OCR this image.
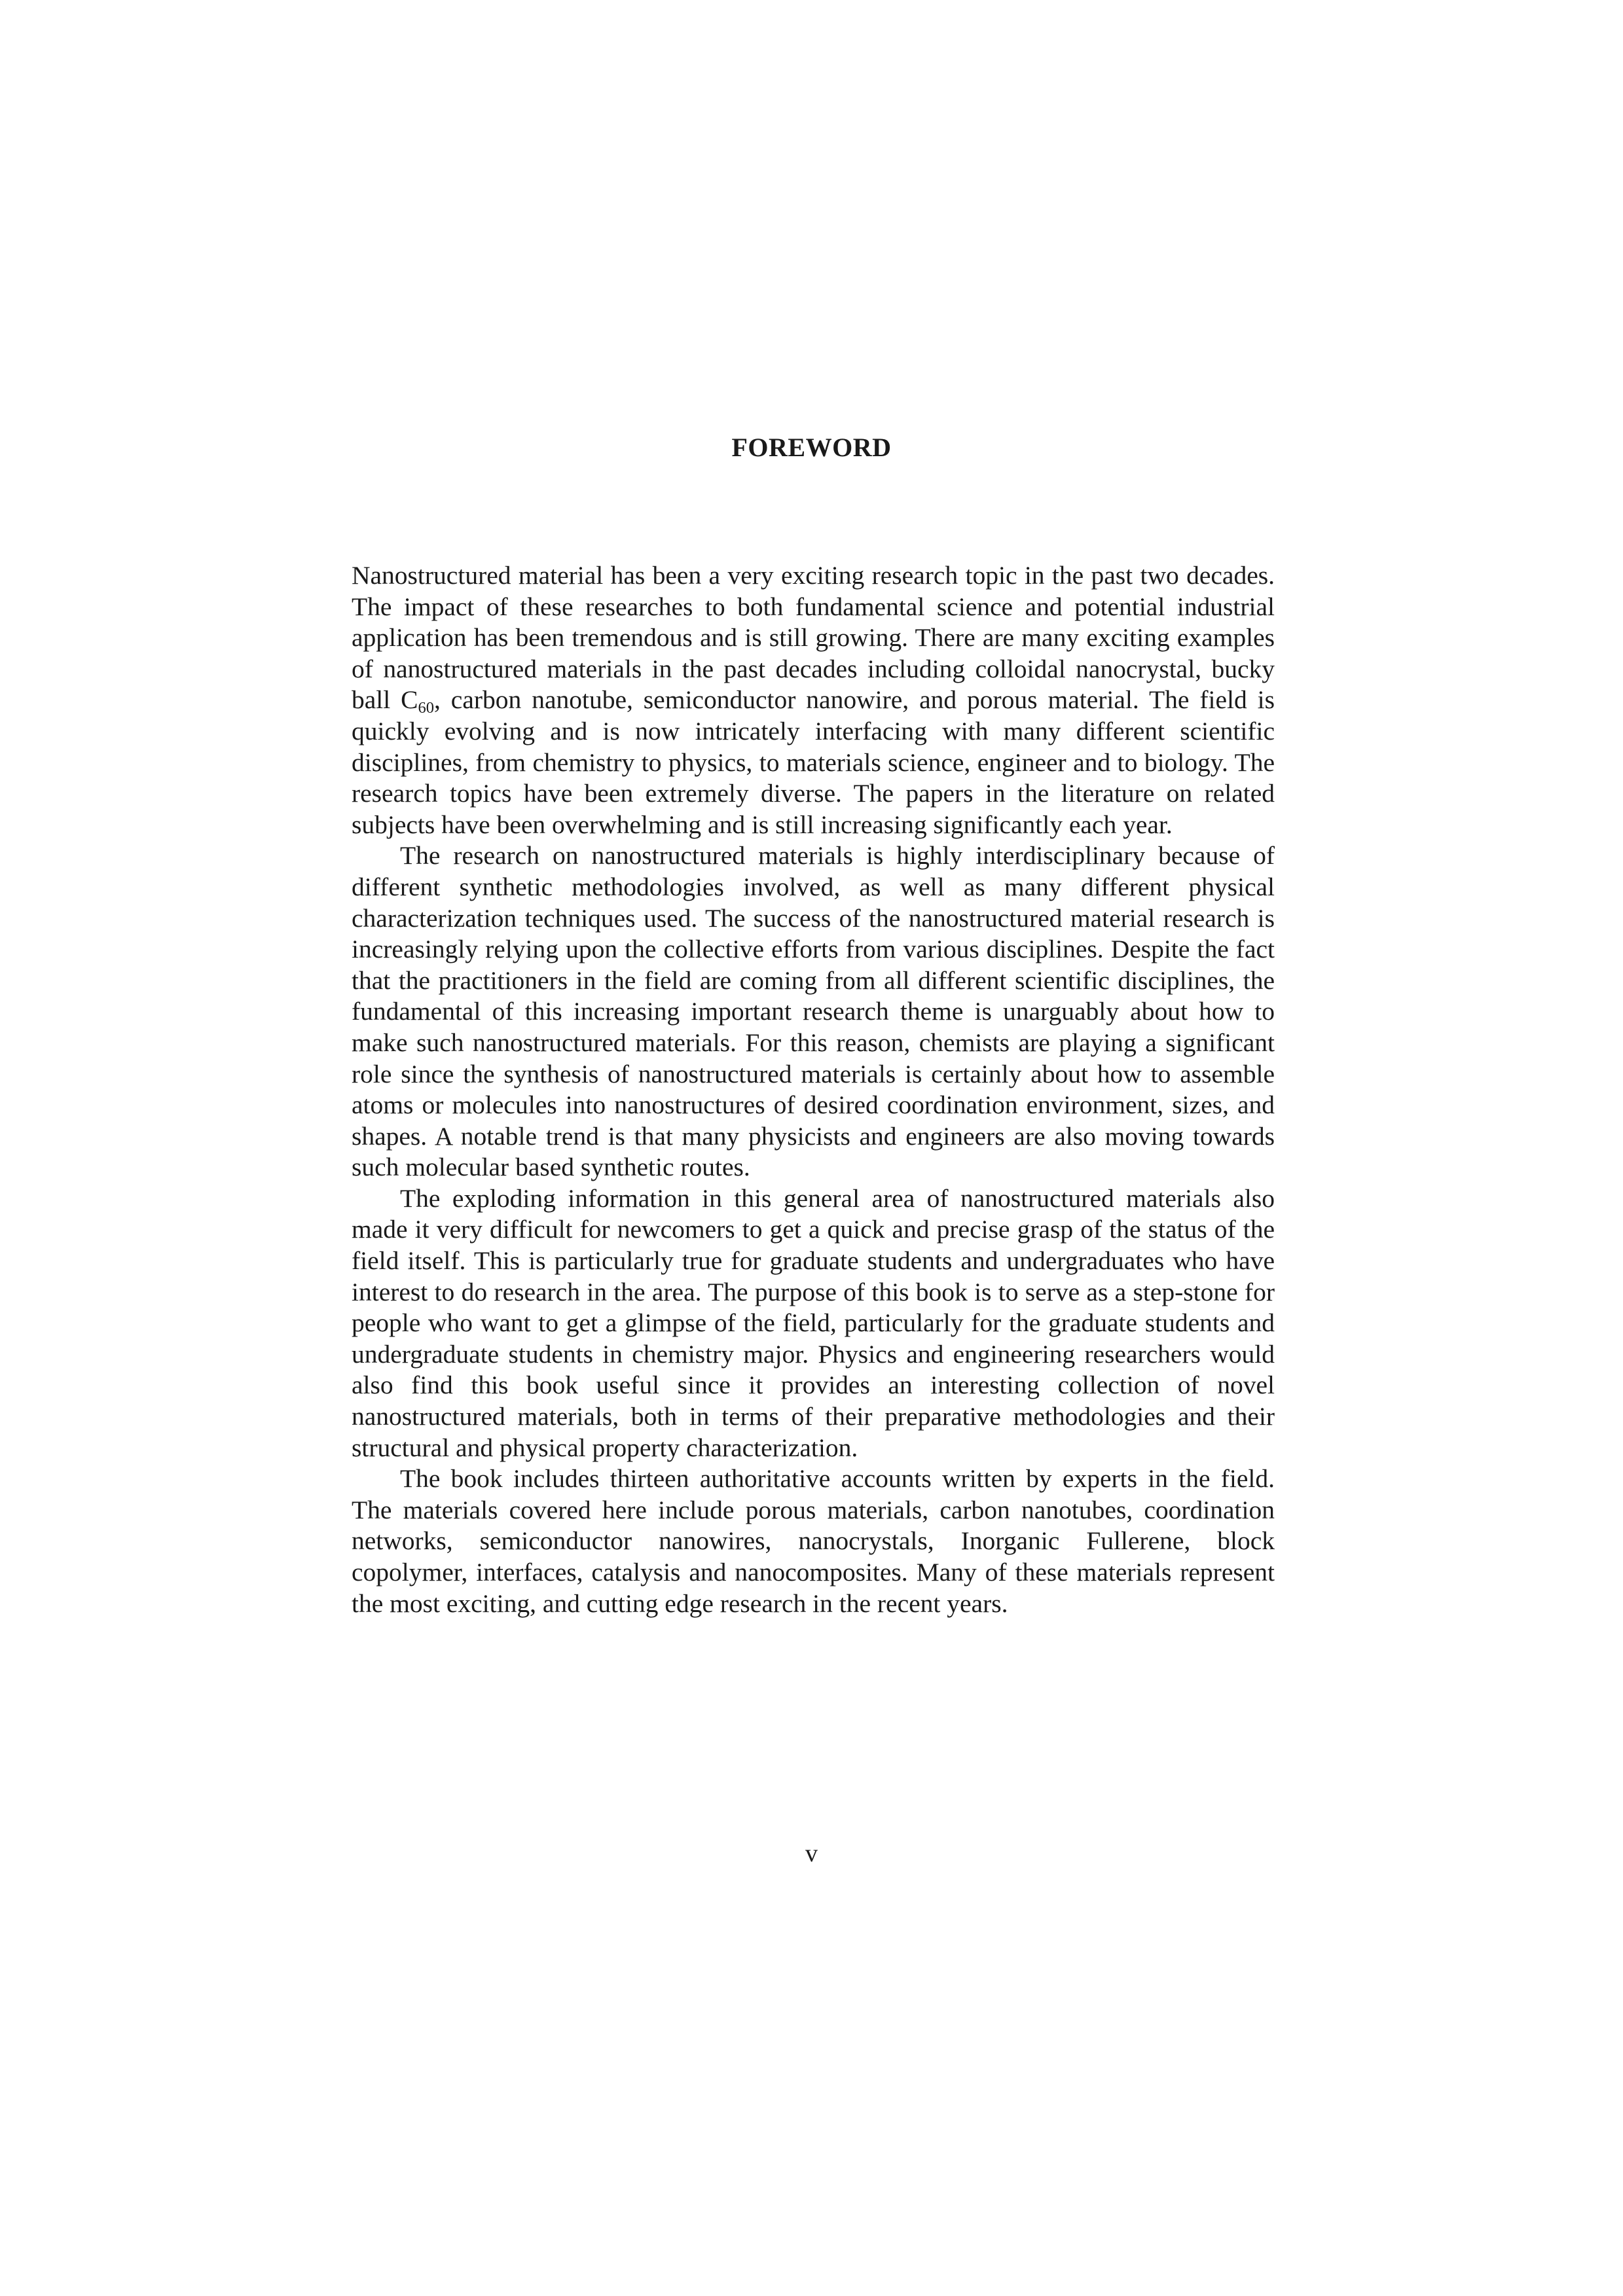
FOREWORD

Nanostructured material has been a very exciting research topic in the past two decades. The impact of these researches to both fundamental science and potential industrial application has been tremendous and is still growing. There are many exciting examples of nanostructured materials in the past decades including colloidal nanocrystal, bucky ball $C_{60}$, carbon nanotube, semiconductor nanowire, and porous material. The field is quickly evolving and is now intricately interfacing with many different scientific disciplines, from chemistry to physics, to materials science, engineer and to biology. The research topics have been extremely diverse. The papers in the literature on related subjects have been overwhelming and is still increasing significantly each year.

The research on nanostructured materials is highly interdisciplinary because of different synthetic methodologies involved, as well as many different physical characterization techniques used. The success of the nanostructured material research is increasingly relying upon the collective efforts from various disciplines. Despite the fact that the practitioners in the field are coming from all different scientific disciplines, the fundamental of this increasing important research theme is unarguably about how to make such nanostructured materials. For this reason, chemists are playing a significant role since the synthesis of nanostructured materials is certainly about how to assemble atoms or molecules into nanostructures of desired coordination environment, sizes, and shapes. A notable trend is that many physicists and engineers are also moving towards such molecular based synthetic routes.

The exploding information in this general area of nanostructured materials also made it very difficult for newcomers to get a quick and precise grasp of the status of the field itself. This is particularly true for graduate students and undergraduates who have interest to do research in the area. The purpose of this book is to serve as a step-stone for people who want to get a glimpse of the field, particularly for the graduate students and undergraduate students in chemistry major. Physics and engineering researchers would also find this book useful since it provides an interesting collection of novel nanostructured materials, both in terms of their preparative methodologies and their structural and physical property characterization.

The book includes thirteen authoritative accounts written by experts in the field. The materials covered here include porous materials, carbon nanotubes, coordination networks, semiconductor nanowires, nanocrystals, Inorganic Fullerene, block copolymer, interfaces, catalysis and nanocomposites. Many of these materials represent the most exciting, and cutting edge research in the recent years.

v
